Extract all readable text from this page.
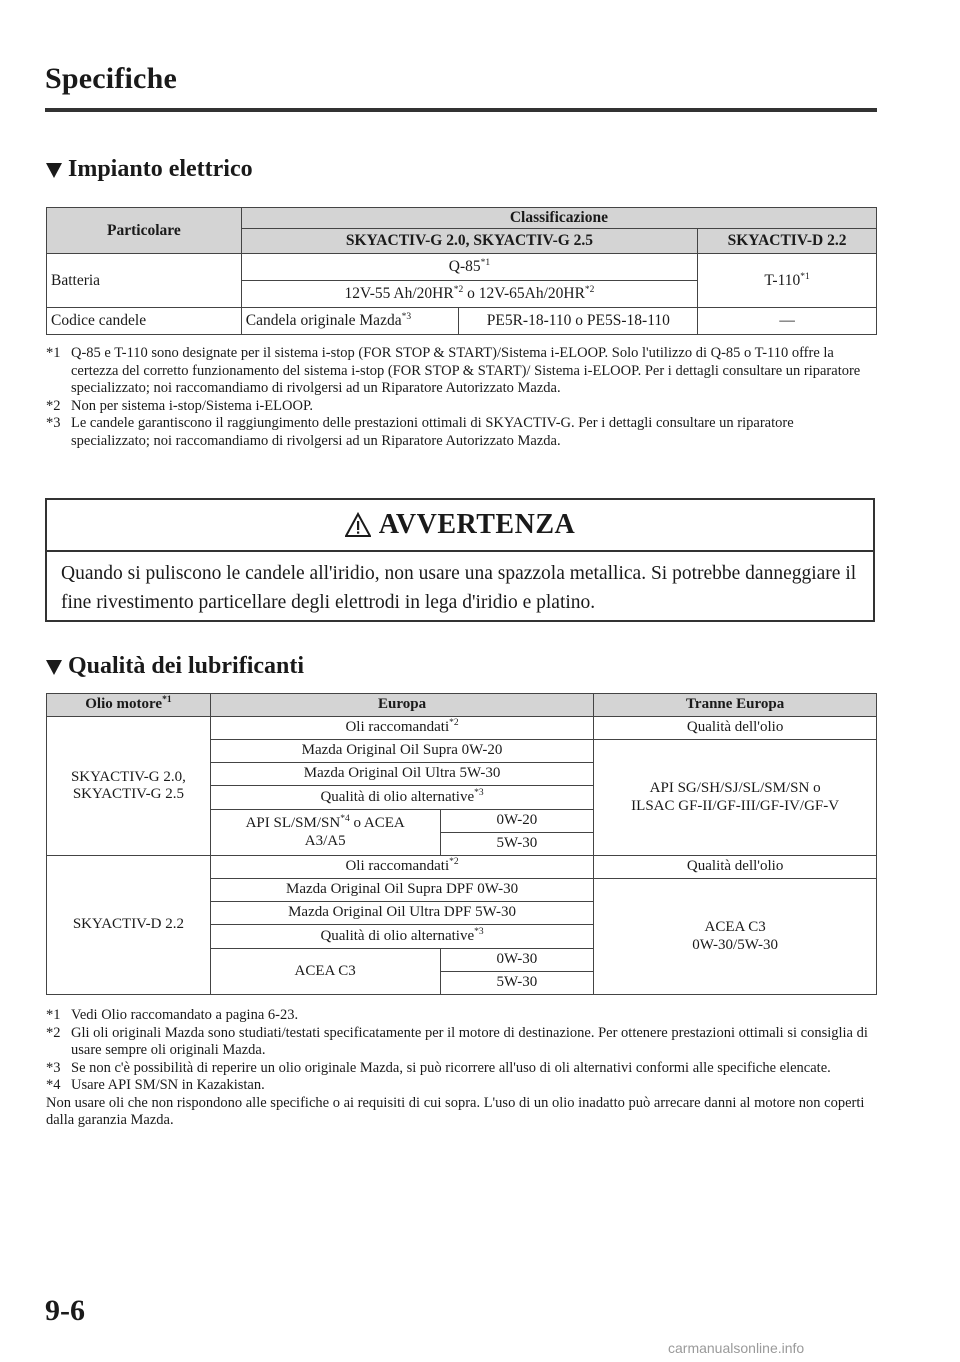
Specifiche
Impianto elettrico
Particolare	Classificazione		
	SKYACTIV-G 2.0, SKYACTIV-G 2.5		SKYACTIV-D 2.2
Batteria	Q-85$^{*1}$		T-110$^{*1}$
	12V-55 Ah/20HR$^{*2}$ o 12V-65Ah/20HR$^{*2}$
Codice candele	Candela originale Mazda$^{*3}$	PE5R-18-110 o PE5S-18-110	—
*1 Q-85 e T-110 sono designate per il sistema i-stop (FOR STOP & START)/Sistema i-ELOOP. Solo l'utilizzo di Q-85 o T-110 offre la certezza del corretto funzionamento del sistema i-stop (FOR STOP & START)/ Sistema i-ELOOP. Per i dettagli consultare un riparatore specializzato; noi raccomandiamo di rivolgersi ad un Riparatore Autorizzato Mazda.
*2 Non per sistema i-stop/Sistema i-ELOOP.
*3 Le candele garantiscono il raggiungimento delle prestazioni ottimali di SKYACTIV-G. Per i dettagli consultare un riparatore specializzato; noi raccomandiamo di rivolgersi ad un Riparatore Autorizzato Mazda.
AVVERTENZA
Quando si puliscono le candele all'iridio, non usare una spazzola metallica. Si potrebbe danneggiare il fine rivestimento particellare degli elettrodi in lega d'iridio e platino.
Qualità dei lubrificanti
Olio motore$^{*1}$	Europa		Tranne Europa
SKYACTIV-G 2.0,
SKYACTIV-G 2.5	Oli raccomandati$^{*2}$		Qualità dell'olio
	Mazda Original Oil Supra 0W-20		API SG/SH/SJ/SL/SM/SN o
ILSAC GF-II/GF-III/GF-IV/GF-V
	Mazda Original Oil Ultra 5W-30		
	Qualità di olio alternative$^{*3}$
	API SL/SM/SN$^{*4}$ o ACEA
A3/A5	0W-20	
		5W-30	
SKYACTIV-D 2.2	Oli raccomandati$^{*2}$		Qualità dell'olio
	Mazda Original Oil Supra DPF 0W-30		ACEA C3
0W-30/5W-30
	Mazda Original Oil Ultra DPF 5W-30		
	Qualità di olio alternative$^{*3}$
	ACEA C3	0W-30	
		5W-30	
*1 Vedi Olio raccomandato a pagina 6-23.
*2 Gli oli originali Mazda sono studiati/testati specificatamente per il motore di destinazione. Per ottenere prestazioni ottimali si consiglia di usare sempre oli originali Mazda.
*3 Se non c'è possibilità di reperire un olio originale Mazda, si può ricorrere all'uso di oli alternativi conformi alle specifiche elencate.
*4 Usare API SM/SN in Kazakistan.
Non usare oli che non rispondono alle specifiche o ai requisiti di cui sopra. L'uso di un olio inadatto può arrecare danni al motore non coperti dalla garanzia Mazda.
9-6
carmanualsonline.info
